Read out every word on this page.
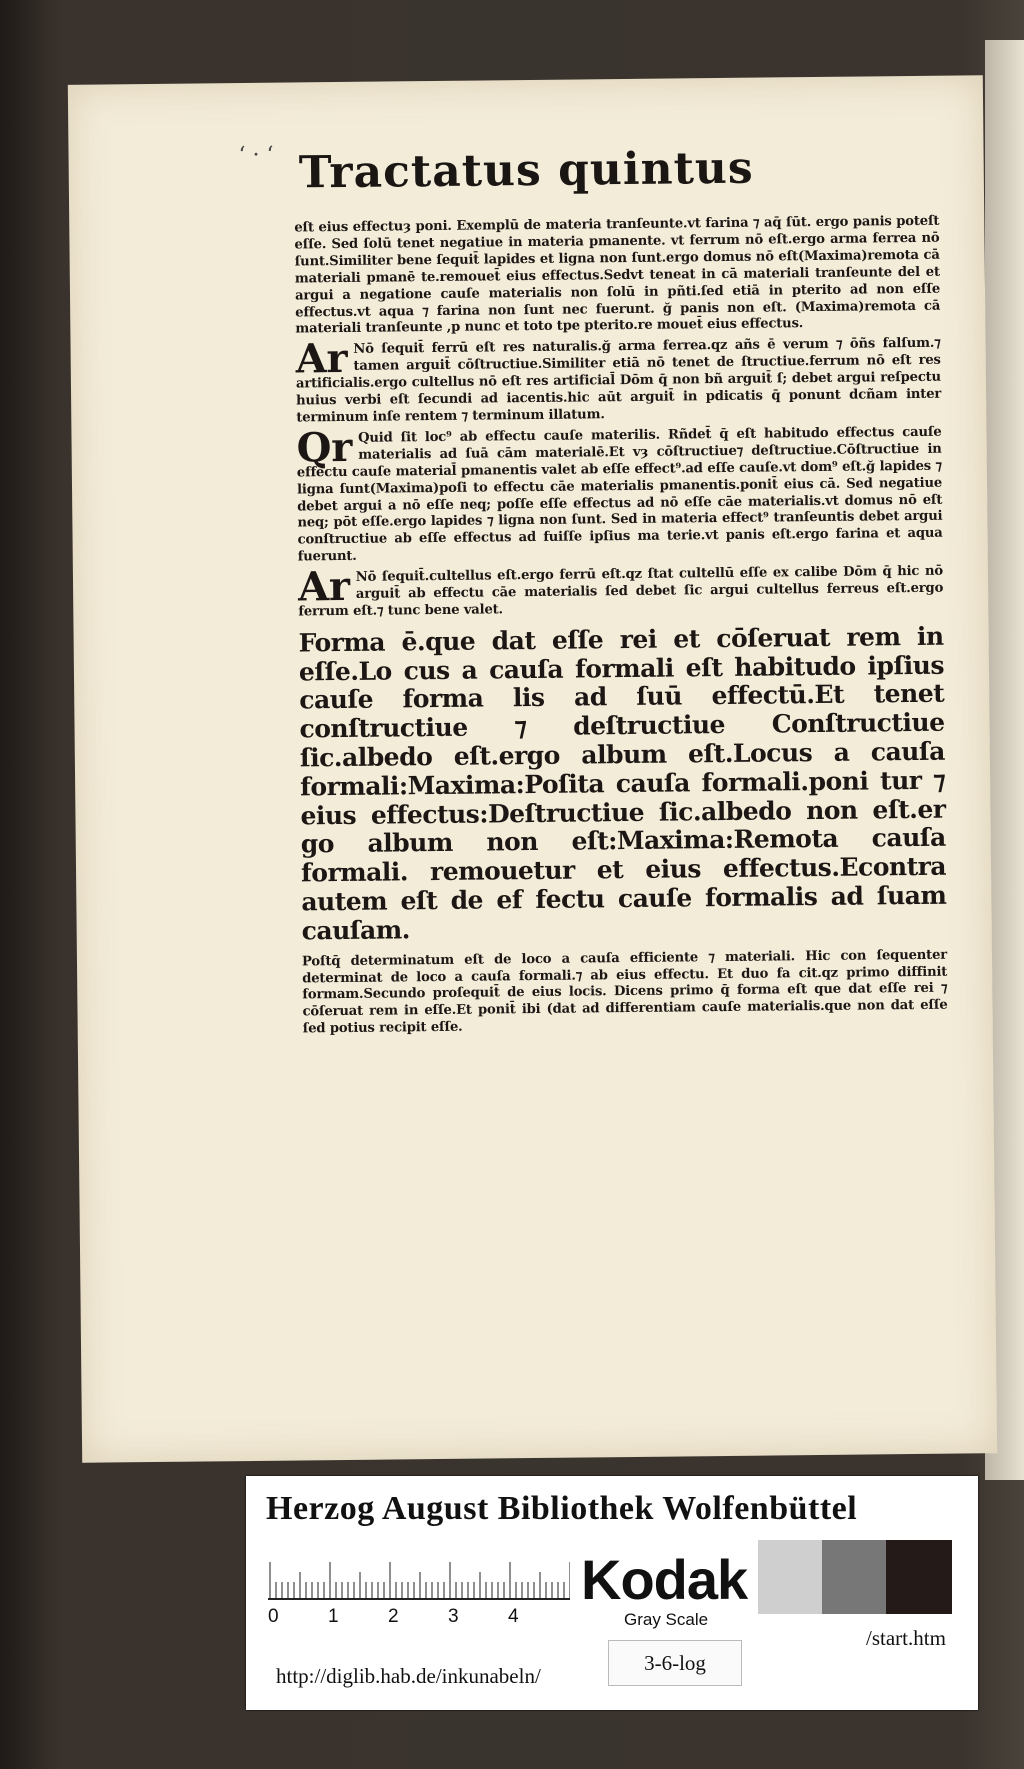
‘ · ‘ Tractatus quintus

eſt eius effectuȝ poni. Exemplū de materia tranſeunte.vt farina ⁊ aq̄ ſūt. ergo panis poteſt eſſe. Sed ſolū tenet negatiue in materia pmanente. vt ferrum nō eſt.ergo arma ferrea nō ſunt.Similiter bene ſequit̄ lapides et ligna non ſunt.ergo domus nō eſt(Maxima)remota cā materiali pmanē te.remouet̄ eius effectus.Sedvt teneat in cā materiali tranſeunte del et argui a negatione cauſe materialis non ſolū in pñti.ſed etiā in pterito ad non eſſe effectus.vt aqua ⁊ farina non ſunt nec fuerunt. ğ panis non eſt. (Maxima)remota cā materiali tranſeunte ,p nunc et toto tpe pterito.re mouet̄ eius effectus.

Ar Nō ſequit̄ ferrū eſt res naturalis.ğ arma ferrea.qz añs ē verum ⁊ ōñs falſum.⁊ tamen arguit̄ cōſtructiue.Similiter etiā nō tenet de ſtructiue.ferrum nō eſt res artificialis.ergo cultellus nō eſt res artificial̄ Dōm q̄ non bñ arguit̄ ſ; debet argui reſpectu huius verbi eſt ſecundi ad iacentis.hic aūt arguit̄ in pdicatis q̄ ponunt dcñam inter terminum inſe rentem ⁊ terminum illatum.

Qr Quid ſit loc⁹ ab effectu cauſe materilis. Rñdet̄ q̄ eſt habitudo effectus cauſe materialis ad ſuā cām materialē.Et vȝ cōſtructiue⁊ deſtructiue.Cōſtructiue in effectu cauſe material̄ pmanentis valet ab eſſe effect⁹.ad eſſe cauſe.vt dom⁹ eſt.ğ lapides ⁊ ligna ſunt(Maxima)poſi to effectu cāe materialis pmanentis.ponit̄ eius cā. Sed negatiue debet argui a nō eſſe neq; poſſe eſſe effectus ad nō eſſe cāe materialis.vt domus nō eſt neq; pōt eſſe.ergo lapides ⁊ ligna non ſunt. Sed in materia effect⁹ tranſeuntis debet argui conſtructiue ab eſſe effectus ad fuiſſe ipſius ma terie.vt panis eſt.ergo farina et aqua fuerunt.

Ar Nō ſequit̄.cultellus eſt.ergo ferrū eſt.qz ſtat cultellū eſſe ex calibe Dōm q̄ hic nō arguit̄ ab effectu cāe materialis ſed debet ſic argui cultellus ferreus eſt.ergo ferrum eſt.⁊ tunc bene valet.

Forma ē.que dat eſſe rei et cōſeruat rem in eſſe.Lo cus a cauſa formali eſt habitudo ipſius cauſe forma lis ad ſuū effectū.Et tenet conſtructiue ⁊ deſtructiue Conſtructiue ſic.albedo eſt.ergo album eſt.Locus a cauſa formali:Maxima:Poſita cauſa formali.poni tur ⁊ eius effectus:Deſtructiue ſic.albedo non eſt.er go album non eſt:Maxima:Remota cauſa formali. remouetur et eius effectus.Econtra autem eſt de ef fectu cauſe formalis ad ſuam cauſam.

Poſtq̄ determinatum eſt de loco a cauſa efficiente ⁊ materiali. Hic con ſequenter determinat de loco a cauſa formali.⁊ ab eius effectu. Et duo fa cit.qz primo diffinit formam.Secundo proſequit̄ de eius locis. Dicens primo q̄ forma eſt que dat eſſe rei ⁊ cōſeruat rem in eſſe.Et ponit̄ ibi (dat ad differentiam cauſe materialis.que non dat eſſe ſed potius recipit eſſe.

Herzog August Bibliothek Wolfenbüttel
0	1	2	3	4
Kodak
Gray Scale
http://diglib.hab.de/inkunabeln/
3-6-log
/start.htm
